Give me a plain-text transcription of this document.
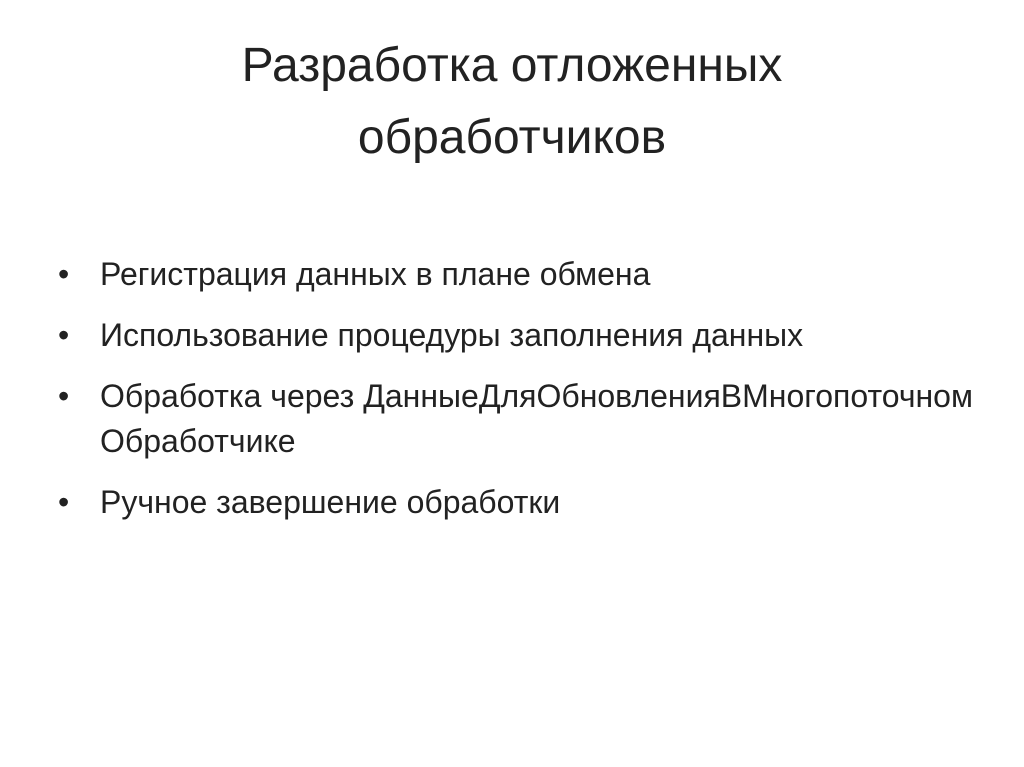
Разработка отложенных обработчиков
• Регистрация данных в плане обмена
• Использование процедуры заполнения данных
• Обработка через ДанныеДляОбновленияВМногопоточномОбработчике
• Ручное завершение обработки
